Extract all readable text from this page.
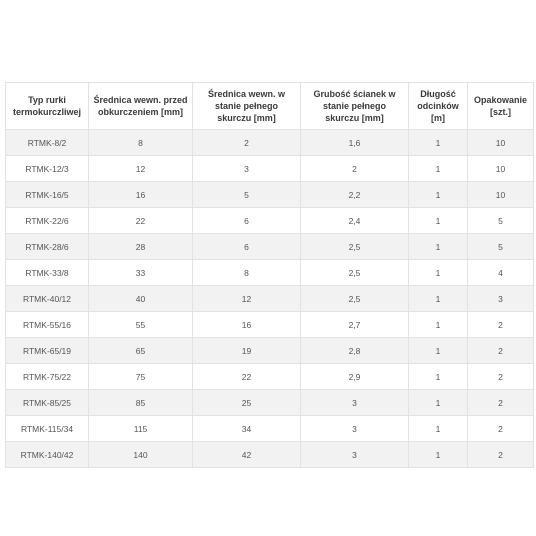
Typ rurki termokurczliwej	Średnica wewn. przed obkurczeniem [mm]	Średnica wewn. w stanie pełnego skurczu [mm]	Grubość ścianek w stanie pełnego skurczu [mm]	Długość odcinków [m]	Opakowanie [szt.]
RTMK-8/2	8	2	1,6	1	10
RTMK-12/3	12	3	2	1	10
RTMK-16/5	16	5	2,2	1	10
RTMK-22/6	22	6	2,4	1	5
RTMK-28/6	28	6	2,5	1	5
RTMK-33/8	33	8	2,5	1	4
RTMK-40/12	40	12	2,5	1	3
RTMK-55/16	55	16	2,7	1	2
RTMK-65/19	65	19	2,8	1	2
RTMK-75/22	75	22	2,9	1	2
RTMK-85/25	85	25	3	1	2
RTMK-115/34	115	34	3	1	2
RTMK-140/42	140	42	3	1	2
